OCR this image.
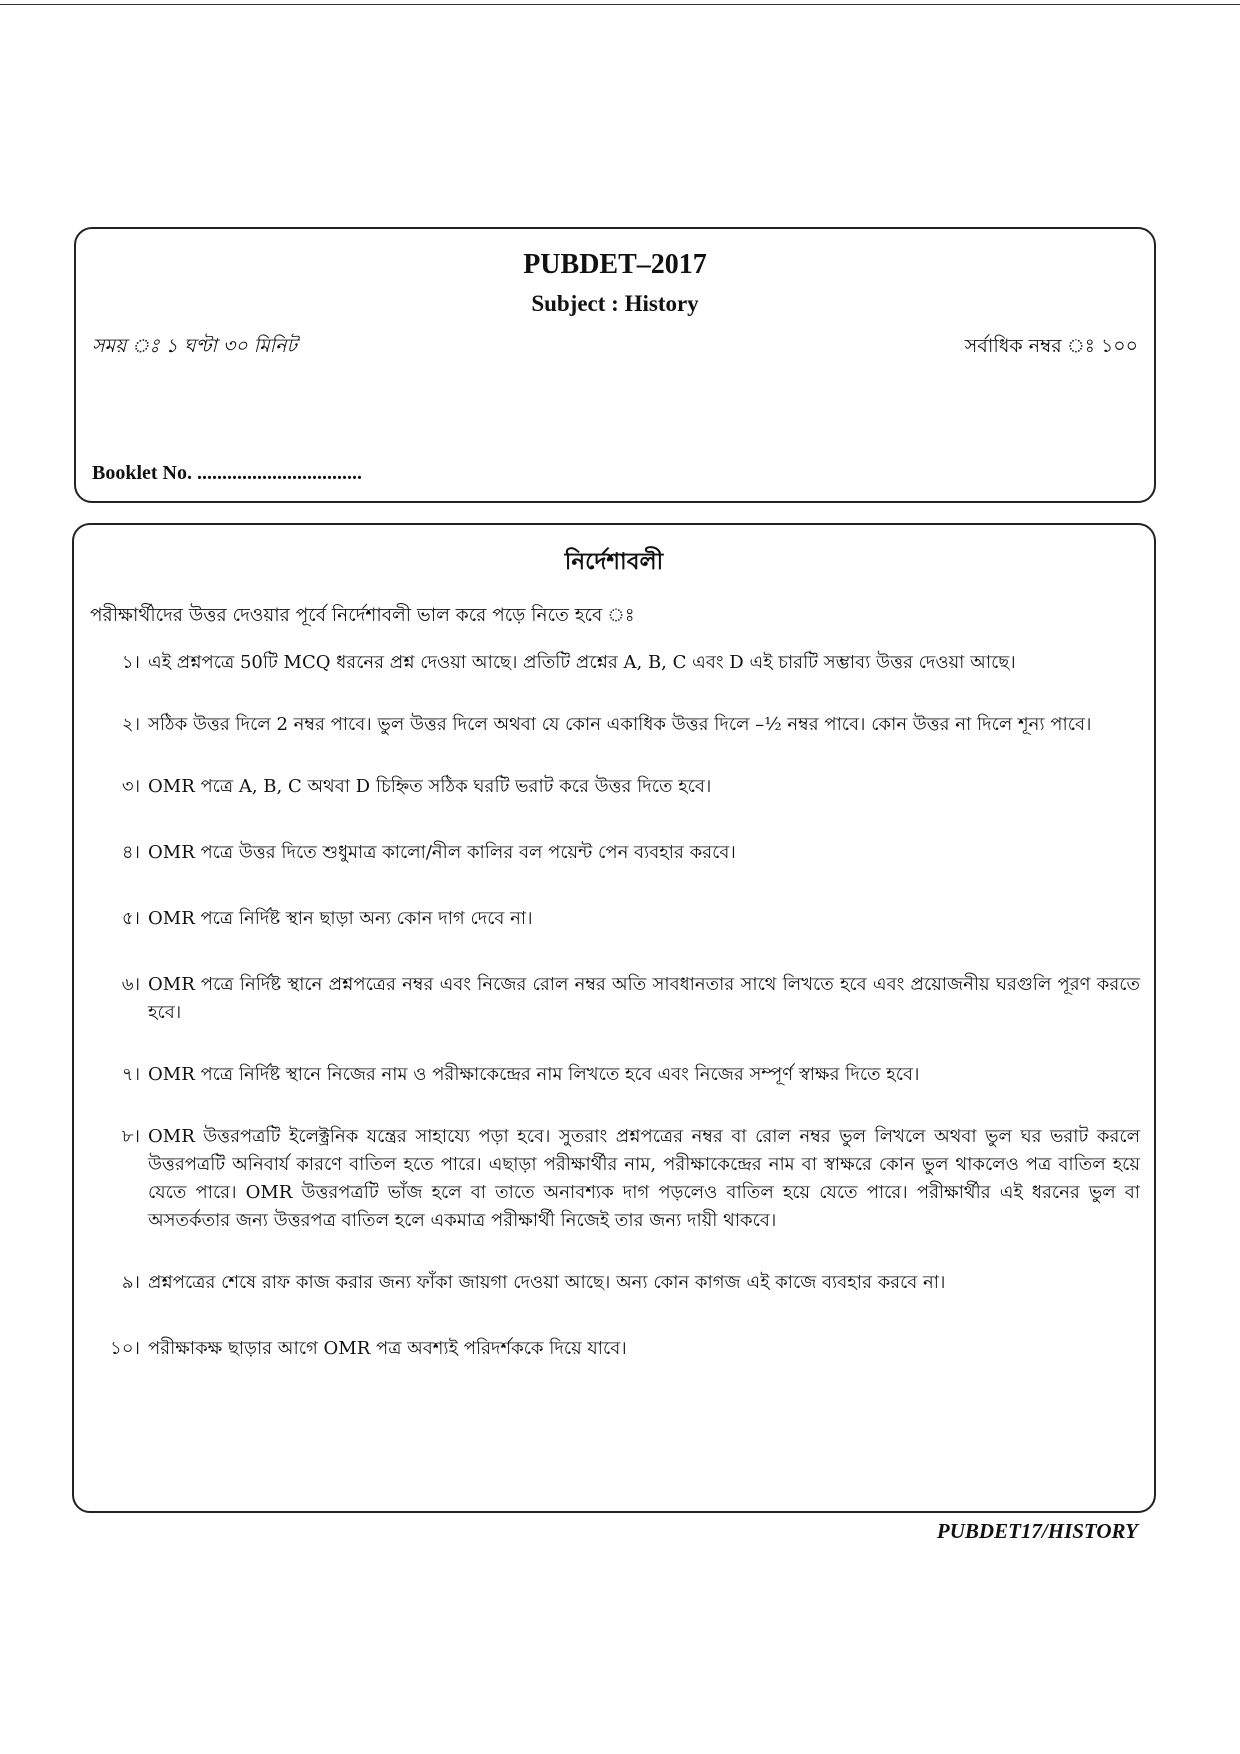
PUBDET–2017
Subject : History
সময় ঃ ১ ঘণ্টা ৩০ মিনিট	সর্বাধিক নম্বর ঃ ১০০
Booklet No. .................................
নির্দেশাবলী
পরীক্ষার্থীদের উত্তর দেওয়ার পূর্বে নির্দেশাবলী ভাল করে পড়ে নিতে হবে ঃ
১। এই প্রশ্নপত্রে 50টি MCQ ধরনের প্রশ্ন দেওয়া আছে। প্রতিটি প্রশ্নের A, B, C এবং D এই চারটি সম্ভাব্য উত্তর দেওয়া আছে।
২। সঠিক উত্তর দিলে 2 নম্বর পাবে। ভুল উত্তর দিলে অথবা যে কোন একাধিক উত্তর দিলে –½ নম্বর পাবে। কোন উত্তর না দিলে শূন্য পাবে।
৩। OMR পত্রে A, B, C অথবা D চিহ্নিত সঠিক ঘরটি ভরাট করে উত্তর দিতে হবে।
৪। OMR পত্রে উত্তর দিতে শুধুমাত্র কালো/নীল কালির বল পয়েন্ট পেন ব্যবহার করবে।
৫। OMR পত্রে নির্দিষ্ট স্থান ছাড়া অন্য কোন দাগ দেবে না।
৬। OMR পত্রে নির্দিষ্ট স্থানে প্রশ্নপত্রের নম্বর এবং নিজের রোল নম্বর অতি সাবধানতার সাথে লিখতে হবে এবং প্রয়োজনীয় ঘরগুলি পূরণ করতে হবে।
৭। OMR পত্রে নির্দিষ্ট স্থানে নিজের নাম ও পরীক্ষাকেন্দ্রের নাম লিখতে হবে এবং নিজের সম্পূর্ণ স্বাক্ষর দিতে হবে।
৮। OMR উত্তরপত্রটি ইলেক্ট্রনিক যন্ত্রের সাহায্যে পড়া হবে। সুতরাং প্রশ্নপত্রের নম্বর বা রোল নম্বর ভুল লিখলে অথবা ভুল ঘর ভরাট করলে উত্তরপত্রটি অনিবার্য কারণে বাতিল হতে পারে। এছাড়া পরীক্ষার্থীর নাম, পরীক্ষাকেন্দ্রের নাম বা স্বাক্ষরে কোন ভুল থাকলেও পত্র বাতিল হয়ে যেতে পারে। OMR উত্তরপত্রটি ভাঁজ হলে বা তাতে অনাবশ্যক দাগ পড়লেও বাতিল হয়ে যেতে পারে। পরীক্ষার্থীর এই ধরনের ভুল বা অসতর্কতার জন্য উত্তরপত্র বাতিল হলে একমাত্র পরীক্ষার্থী নিজেই তার জন্য দায়ী থাকবে।
৯। প্রশ্নপত্রের শেষে রাফ কাজ করার জন্য ফাঁকা জায়গা দেওয়া আছে। অন্য কোন কাগজ এই কাজে ব্যবহার করবে না।
১০। পরীক্ষাকক্ষ ছাড়ার আগে OMR পত্র অবশ্যই পরিদর্শককে দিয়ে যাবে।
PUBDET17/HISTORY
